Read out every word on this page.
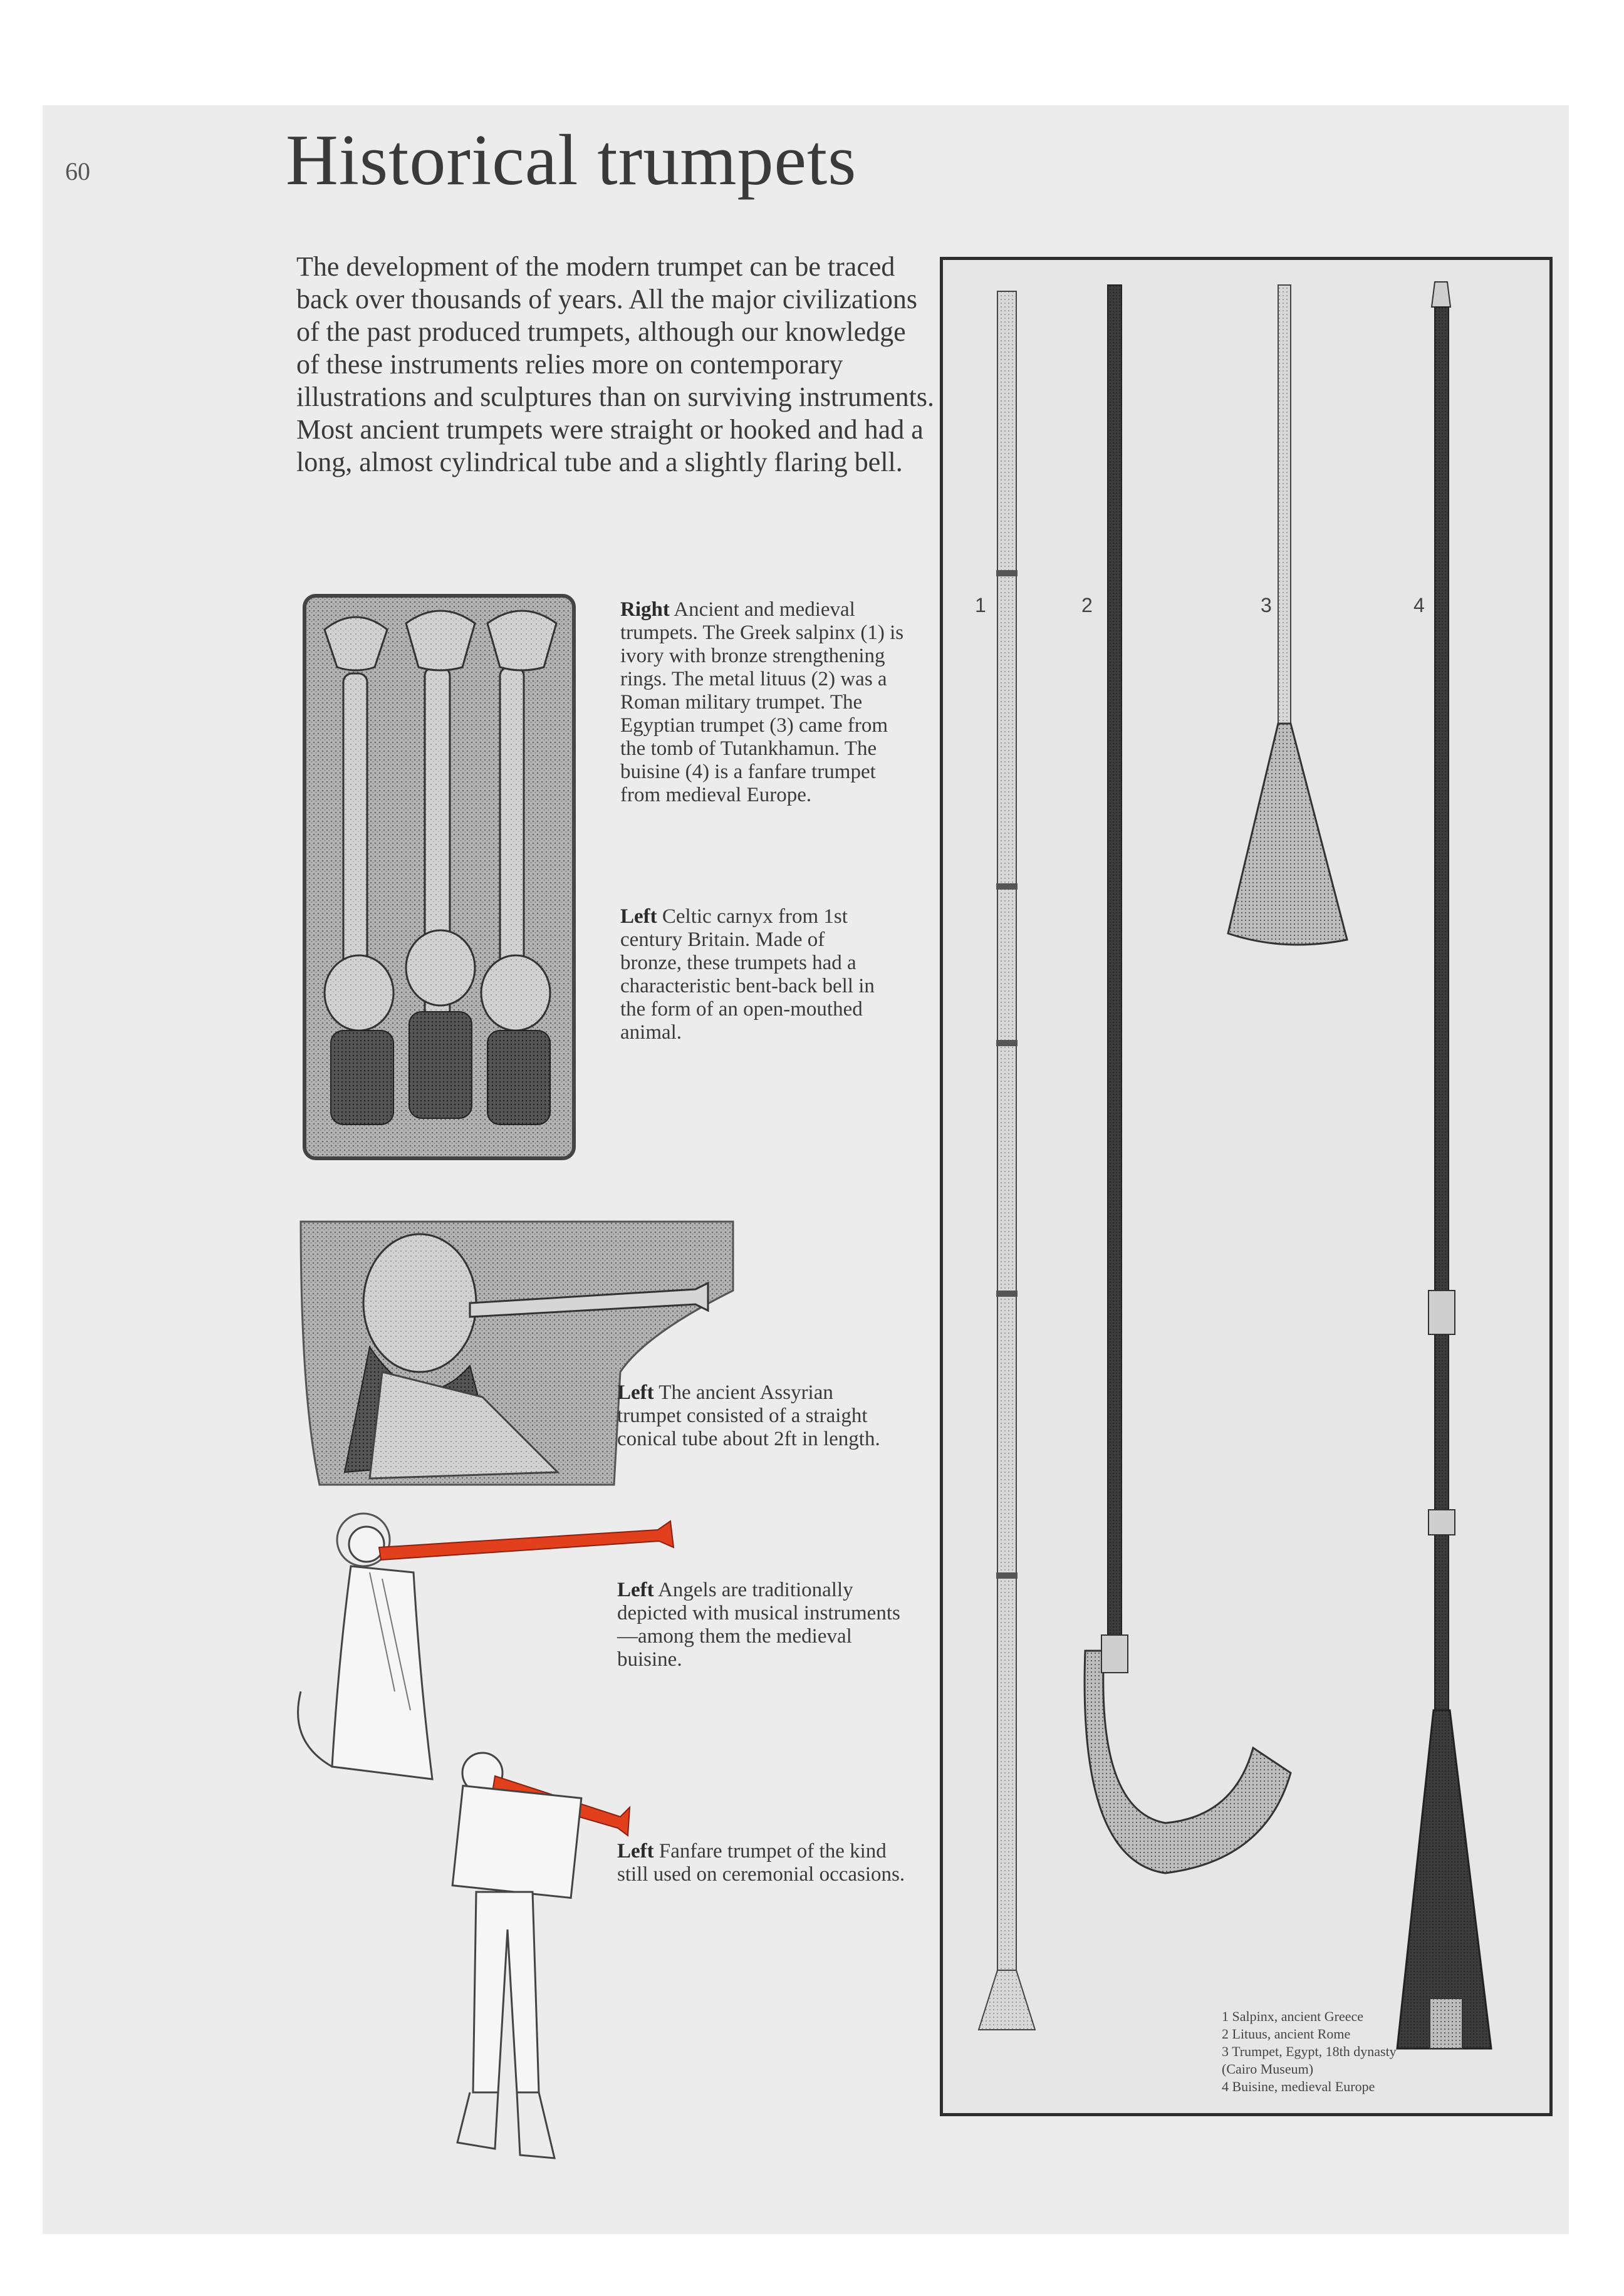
60	Historical trumpets

The development of the modern trumpet can be traced back over thousands of years. All the major civilizations of the past produced trumpets, although our knowledge of these instruments relies more on contemporary illustrations and sculptures than on surviving instruments. Most ancient trumpets were straight or hooked and had a long, almost cylindrical tube and a slightly flaring bell.

Right Ancient and medieval trumpets. The Greek salpinx (1) is ivory with bronze strengthening rings. The metal lituus (2) was a Roman military trumpet. The Egyptian trumpet (3) came from the tomb of Tutankhamun. The buisine (4) is a fanfare trumpet from medieval Europe.

Left Celtic carnyx from 1st century Britain. Made of bronze, these trumpets had a characteristic bent-back bell in the form of an open-mouthed animal.

Left The ancient Assyrian trumpet consisted of a straight conical tube about 2ft in length.

Left Angels are traditionally depicted with musical instruments—among them the medieval buisine.

Left Fanfare trumpet of the kind still used on ceremonial occasions.

1	2	3	4
1 Salpinx, ancient Greece
2 Lituus, ancient Rome
3 Trumpet, Egypt, 18th dynasty
(Cairo Museum)
4 Buisine, medieval Europe
